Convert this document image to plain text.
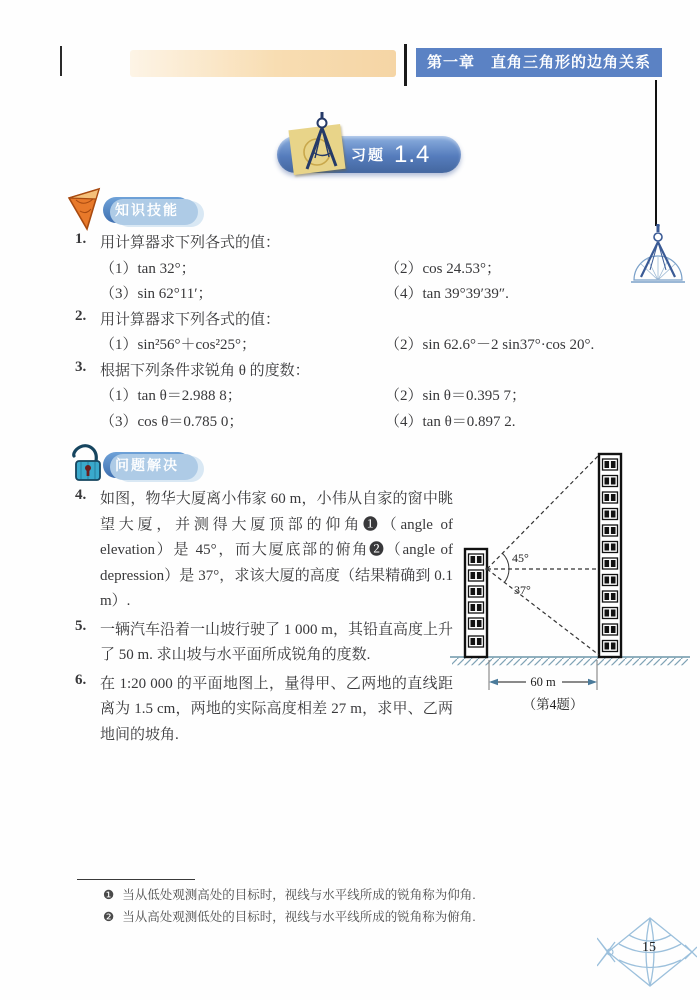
第一章　直角三角形的边角关系
习题 1.4
知识技能
1. 用计算器求下列各式的值：
（1）tan 32°；	（2）cos 24.53°；
（3）sin 62°11′；	（4）tan 39°39′39″.
2. 用计算器求下列各式的值：
（1）sin²56°＋cos²25°；	（2）sin 62.6°－2 sin37°·cos 20°.
3. 根据下列条件求锐角 θ 的度数：
（1）tan θ＝2.988 8；	（2）sin θ＝0.395 7；
（3）cos θ＝0.785 0；	（4）tan θ＝0.897 2.
问题解决
4. 如图，物华大厦离小伟家 60 m，小伟从自家的窗中眺望大厦，并测得大厦顶部的仰角❶（angle of elevation）是 45°，而大厦底部的俯角❷（angle of depression）是 37°，求该大厦的高度（结果精确到 0.1 m）.

5. 一辆汽车沿着一山坡行驶了 1 000 m，其铅直高度上升了 50 m. 求山坡与水平面所成锐角的度数.

6. 在 1:20 000 的平面地图上，量得甲、乙两地的直线距离为 1.5 cm，两地的实际高度相差 27 m，求甲、乙两地间的坡角.

45°
37°
60 m
（第4题）
❶ 当从低处观测高处的目标时，视线与水平线所成的锐角称为仰角.
❷ 当从高处观测低处的目标时，视线与水平线所成的锐角称为俯角.
15
